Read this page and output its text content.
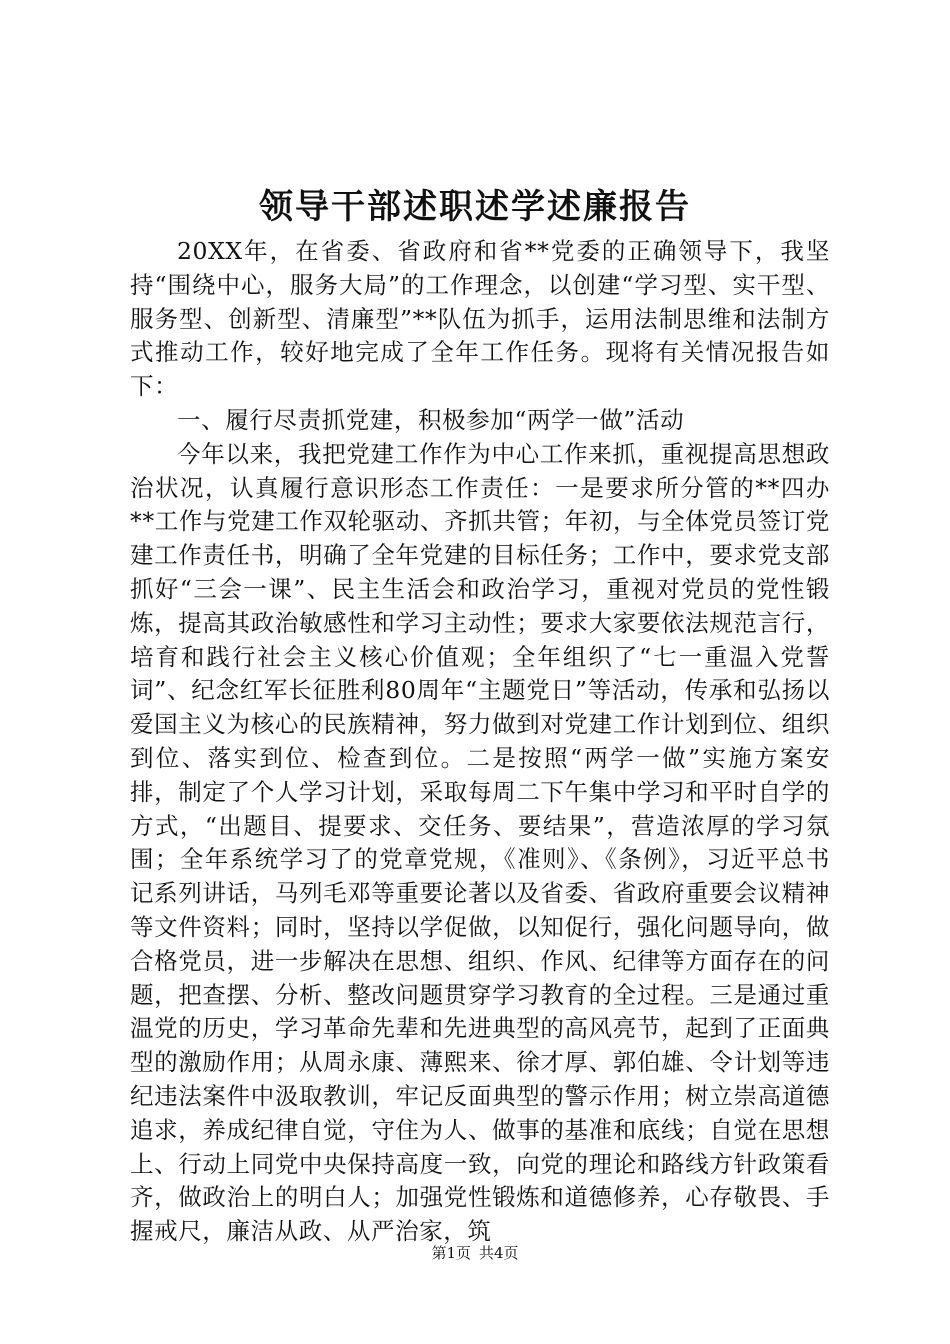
领导干部述职述学述廉报告

20XX年，在省委、省政府和省**党委的正确领导下，我坚持“围绕中心，服务大局”的工作理念，以创建“学习型、实干型、服务型、创新型、清廉型”**队伍为抓手，运用法制思维和法制方式推动工作，较好地完成了全年工作任务。现将有关情况报告如下：

一、履行尽责抓党建，积极参加“两学一做”活动

今年以来，我把党建工作作为中心工作来抓，重视提高思想政治状况，认真履行意识形态工作责任：一是要求所分管的**四办**工作与党建工作双轮驱动、齐抓共管；年初，与全体党员签订党建工作责任书，明确了全年党建的目标任务；工作中，要求党支部抓好“三会一课”、民主生活会和政治学习，重视对党员的党性锻炼，提高其政治敏感性和学习主动性；要求大家要依法规范言行，培育和践行社会主义核心价值观；全年组织了“七一重温入党誓词”、纪念红军长征胜利80周年“主题党日”等活动，传承和弘扬以爱国主义为核心的民族精神，努力做到对党建工作计划到位、组织到位、落实到位、检查到位。二是按照“两学一做”实施方案安排，制定了个人学习计划，采取每周二下午集中学习和平时自学的方式，“出题目、提要求、交任务、要结果”，营造浓厚的学习氛围；全年系统学习了的党章党规，《准则》、《条例》，习近平总书记系列讲话，马列毛邓等重要论著以及省委、省政府重要会议精神等文件资料；同时，坚持以学促做，以知促行，强化问题导向，做合格党员，进一步解决在思想、组织、作风、纪律等方面存在的问题，把查摆、分析、整改问题贯穿学习教育的全过程。三是通过重温党的历史，学习革命先辈和先进典型的高风亮节，起到了正面典型的激励作用；从周永康、薄熙来、徐才厚、郭伯雄、令计划等违纪违法案件中汲取教训，牢记反面典型的警示作用；树立崇高道德追求，养成纪律自觉，守住为人、做事的基准和底线；自觉在思想上、行动上同党中央保持高度一致，向党的理论和路线方针政策看齐，做政治上的明白人；加强党性锻炼和道德修养，心存敬畏、手握戒尺，廉洁从政、从严治家，筑

第1页 共4页
